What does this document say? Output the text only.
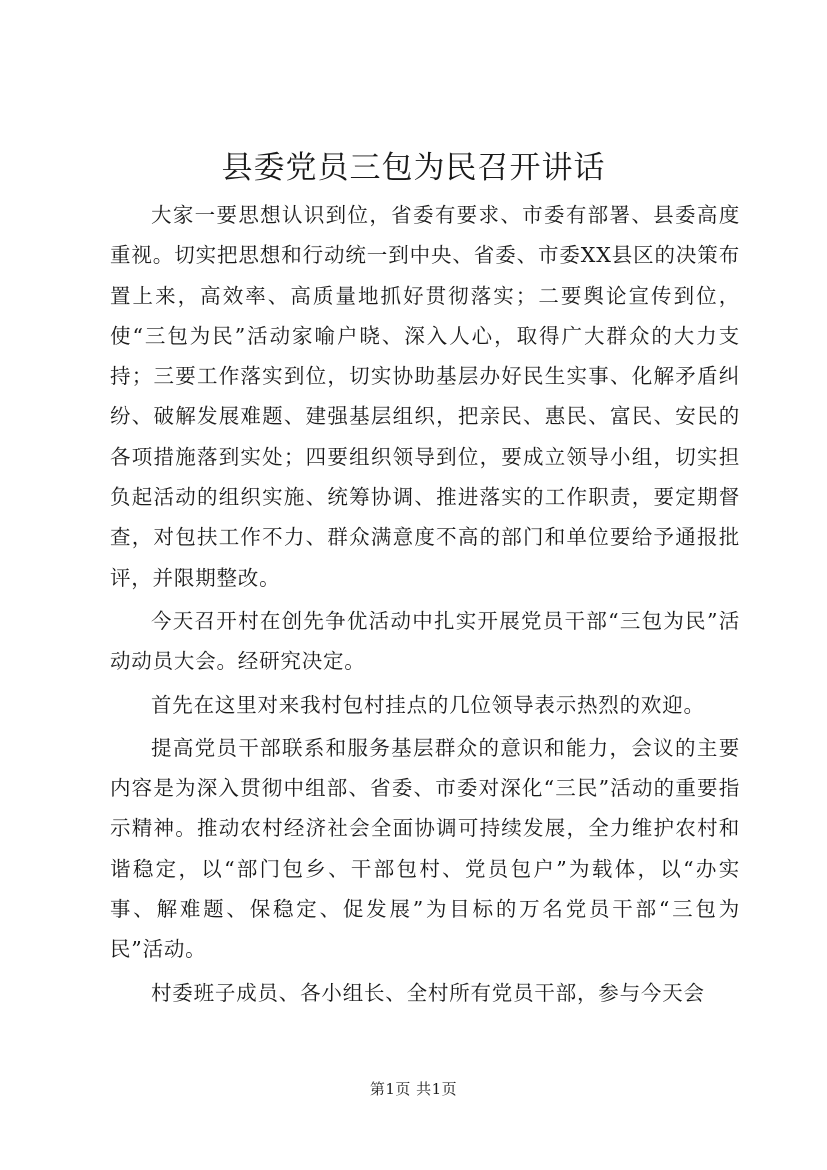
县委党员三包为民召开讲话

大家一要思想认识到位，省委有要求、市委有部署、县委高度重视。切实把思想和行动统一到中央、省委、市委XX县区的决策布置上来，高效率、高质量地抓好贯彻落实；二要舆论宣传到位，使“三包为民”活动家喻户晓、深入人心，取得广大群众的大力支持；三要工作落实到位，切实协助基层办好民生实事、化解矛盾纠纷、破解发展难题、建强基层组织，把亲民、惠民、富民、安民的各项措施落到实处；四要组织领导到位，要成立领导小组，切实担负起活动的组织实施、统筹协调、推进落实的工作职责，要定期督查，对包扶工作不力、群众满意度不高的部门和单位要给予通报批评，并限期整改。

今天召开村在创先争优活动中扎实开展党员干部“三包为民”活动动员大会。经研究决定。

首先在这里对来我村包村挂点的几位领导表示热烈的欢迎。

提高党员干部联系和服务基层群众的意识和能力，会议的主要内容是为深入贯彻中组部、省委、市委对深化“三民”活动的重要指示精神。推动农村经济社会全面协调可持续发展，全力维护农村和谐稳定，以“部门包乡、干部包村、党员包户”为载体，以“办实事、解难题、保稳定、促发展”为目标的万名党员干部“三包为民”活动。

村委班子成员、各小组长、全村所有党员干部，参与今天会

第1页 共1页
